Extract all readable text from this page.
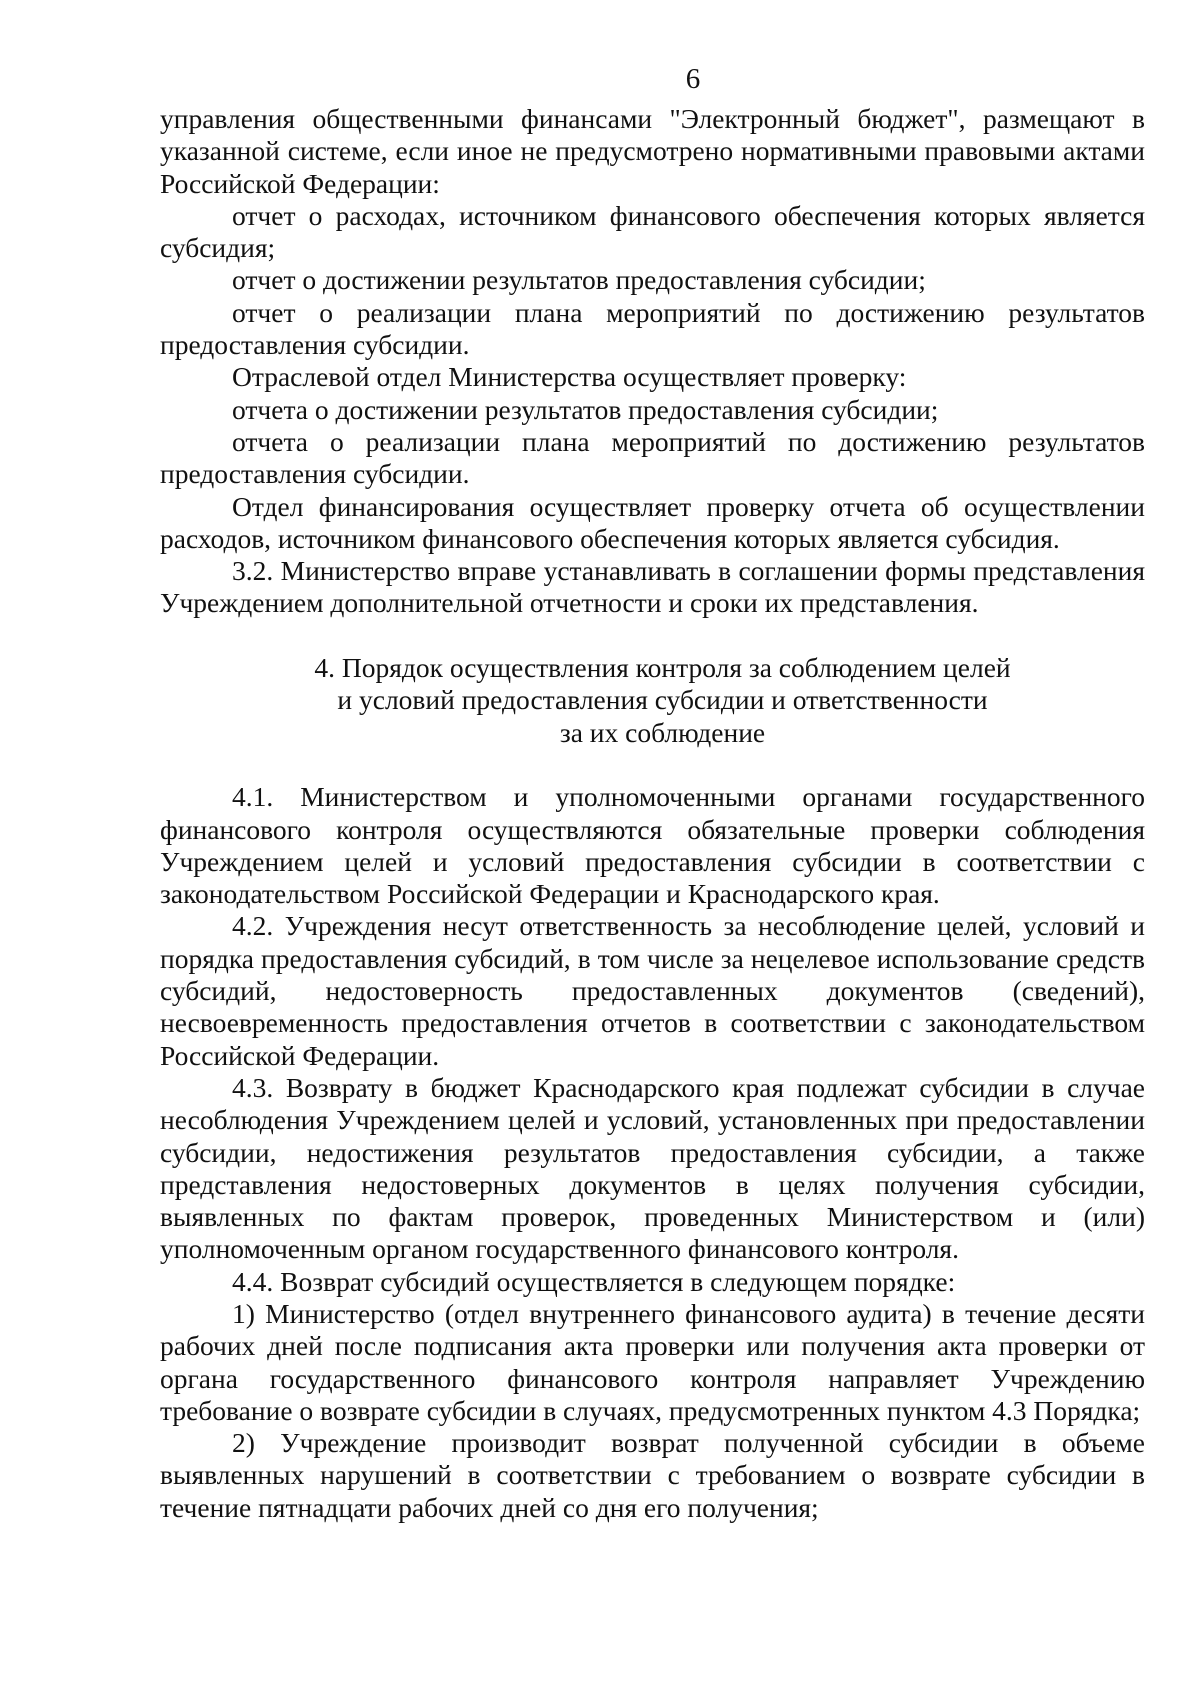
6

управления общественными финансами "Электронный бюджет", размещают в указанной системе, если иное не предусмотрено нормативными правовыми актами Российской Федерации:

отчет о расходах, источником финансового обеспечения которых является субсидия;

отчет о достижении результатов предоставления субсидии;

отчет о реализации плана мероприятий по достижению результатов предоставления субсидии.

Отраслевой отдел Министерства осуществляет проверку:

отчета о достижении результатов предоставления субсидии;

отчета о реализации плана мероприятий по достижению результатов предоставления субсидии.

Отдел финансирования осуществляет проверку отчета об осуществлении расходов, источником финансового обеспечения которых является субсидия.

3.2. Министерство вправе устанавливать в соглашении формы представления Учреждением дополнительной отчетности и сроки их представления.

4. Порядок осуществления контроля за соблюдением целей
и условий предоставления субсидии и ответственности
за их соблюдение

4.1. Министерством и уполномоченными органами государственного финансового контроля осуществляются обязательные проверки соблюдения Учреждением целей и условий предоставления субсидии в соответствии с законодательством Российской Федерации и Краснодарского края.

4.2. Учреждения несут ответственность за несоблюдение целей, условий и порядка предоставления субсидий, в том числе за нецелевое использование средств субсидий, недостоверность предоставленных документов (сведений), несвоевременность предоставления отчетов в соответствии с законодательством Российской Федерации.

4.3. Возврату в бюджет Краснодарского края подлежат субсидии в случае несоблюдения Учреждением целей и условий, установленных при предоставлении субсидии, недостижения результатов предоставления субсидии, а также представления недостоверных документов в целях получения субсидии, выявленных по фактам проверок, проведенных Министерством и (или) уполномоченным органом государственного финансового контроля.

4.4. Возврат субсидий осуществляется в следующем порядке:

1) Министерство (отдел внутреннего финансового аудита) в течение десяти рабочих дней после подписания акта проверки или получения акта проверки от органа государственного финансового контроля направляет Учреждению требование о возврате субсидии в случаях, предусмотренных пунктом 4.3 Порядка;

2) Учреждение производит возврат полученной субсидии в объеме выявленных нарушений в соответствии с требованием о возврате субсидии в течение пятнадцати рабочих дней со дня его получения;
